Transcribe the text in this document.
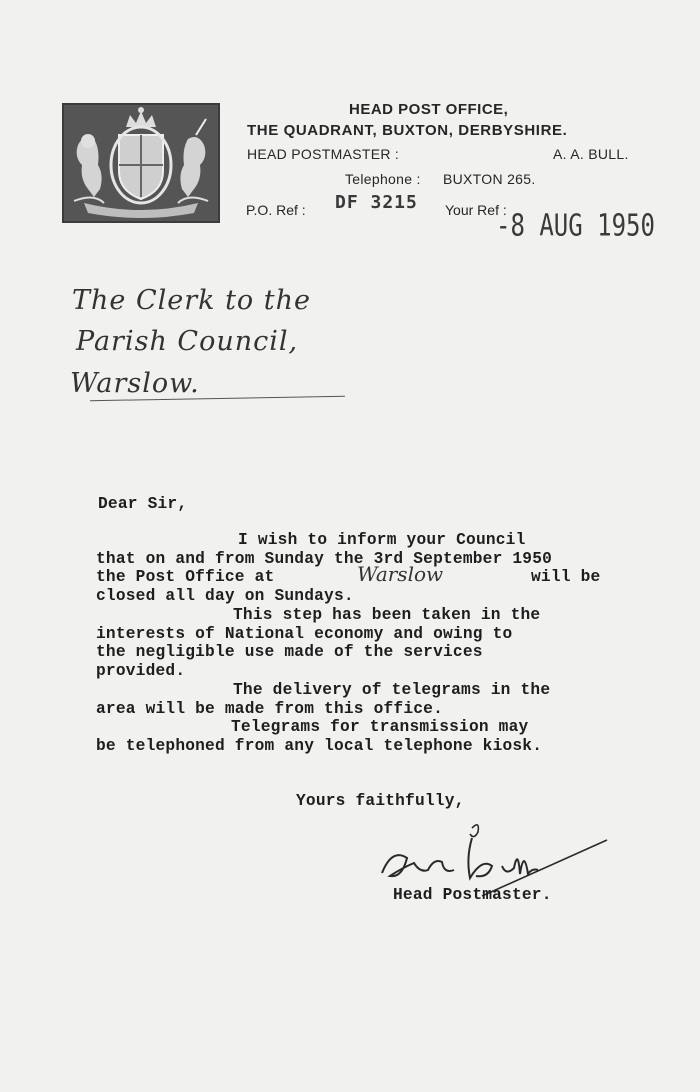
HEAD POST OFFICE,
THE QUADRANT, BUXTON, DERBYSHIRE.
HEAD POSTMASTER :	A. A. BULL.
Telephone : BUXTON 265.
P.O. Ref : DF 3215 Your Ref :
-8 AUG 1950
The Clerk to the
Parish Council,
Warslow.
Dear Sir,
I wish to inform your Council
that on and from Sunday the 3rd September 1950
the Post Office at	Warslow	will be
closed all day on Sundays.
This step has been taken in the
interests of National economy and owing to
the negligible use made of the services
provided.
The delivery of telegrams in the
area will be made from this office.
Telegrams for transmission may
be telephoned from any local telephone kiosk.
Yours faithfully,
Head Postmaster.
